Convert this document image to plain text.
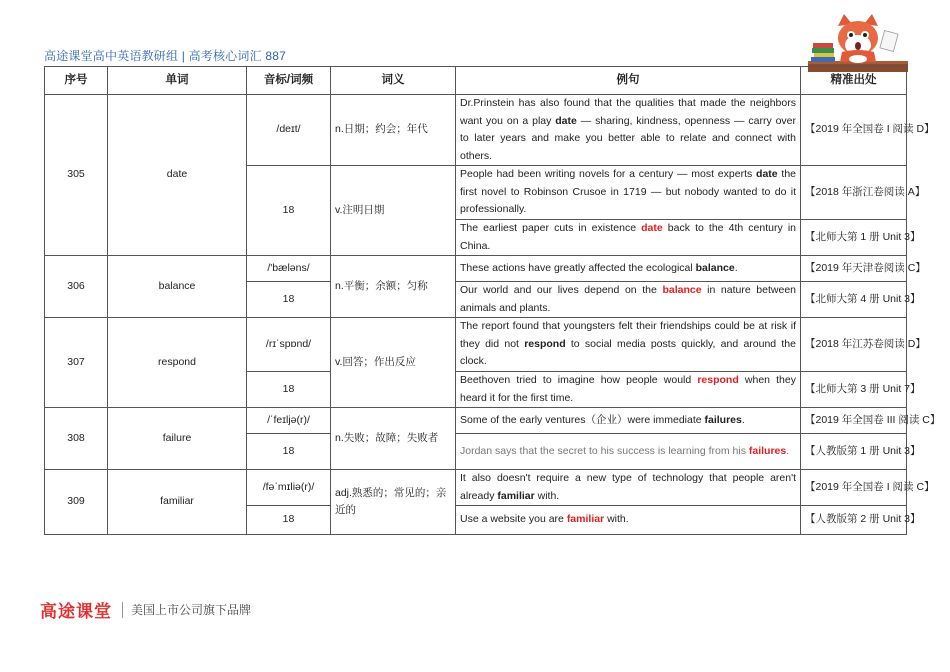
高途课堂高中英语教研组 | 高考核心词汇 887
序号	单词	音标/词频	词义	例句	精准出处
305	date	/deɪt/	n.日期；约会；年代	Dr.Prinstein has also found that the qualities that made the neighbors want you on a play date — sharing, kindness, openness — carry over to later years and make you better able to relate and connect with others.	【2019 年全国卷 I 阅读 D】
		18	v.注明日期	People had been writing novels for a century — most experts date the first novel to Robinson Crusoe in 1719 — but nobody wanted to do it professionally.	【2018 年浙江卷阅读 A】
				The earliest paper cuts in existence date back to the 4th century in China.	【北师大第 1 册 Unit 3】
306	balance	/'bæləns/	n.平衡；余额；匀称	These actions have greatly affected the ecological balance.	【2019 年天津卷阅读 C】
		18		Our world and our lives depend on the balance in nature between animals and plants.	【北师大第 4 册 Unit 3】
307	respond	/rɪˈspɒnd/	v.回答；作出反应	The report found that youngsters felt their friendships could be at risk if they did not respond to social media posts quickly, and around the clock.	【2018 年江苏卷阅读 D】
		18		Beethoven tried to imagine how people would respond when they heard it for the first time.	【北师大第 3 册 Unit 7】
308	failure	/ˈfeɪljə(r)/	n.失败；故障；失败者	Some of the early ventures（企业）were immediate failures.	【2019 年全国卷 III 阅读 C】
		18		Jordan says that the secret to his success is learning from his failures.	【人教版第 1 册 Unit 3】
309	familiar	/fəˈmɪliə(r)/	adj.熟悉的；常见的；亲近的	It also doesn't require a new type of technology that people aren't already familiar with.	【2019 年全国卷 I 阅读 C】
		18		Use a website you are familiar with.	【人教版第 2 册 Unit 3】
高途课堂 美国上市公司旗下品牌
